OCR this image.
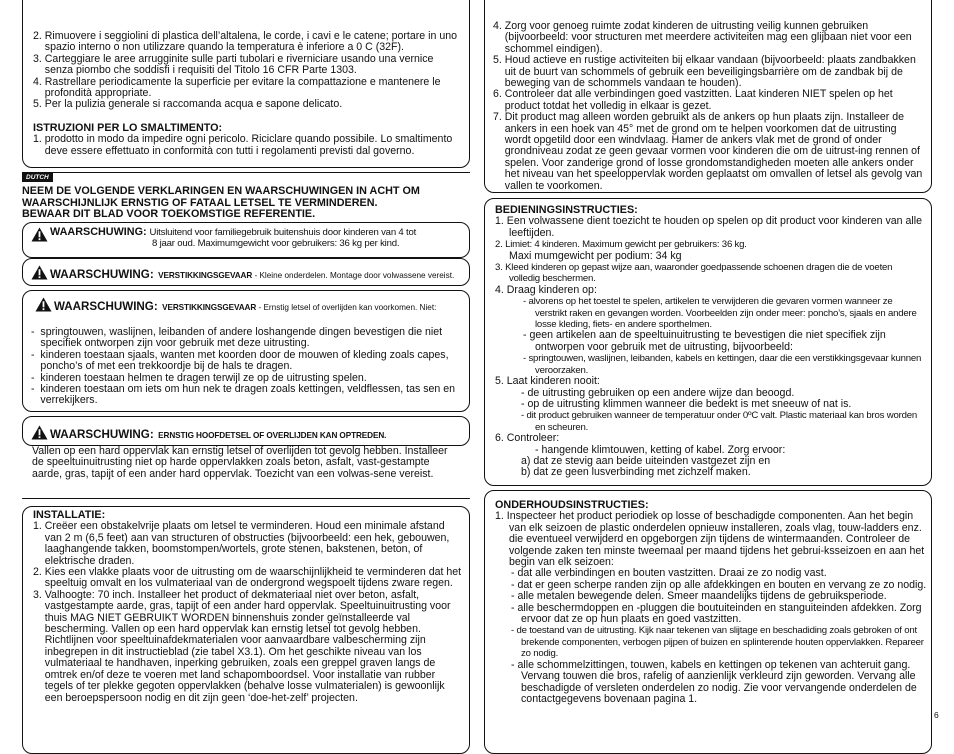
2. Rimuovere i seggiolini di plastica dell’altalena, le corde, i cavi e le catene; portare in uno spazio interno o non utilizzare quando la temperatura è inferiore a 0 C (32F).
3. Carteggiare le aree arrugginite sulle parti tubolari e riverniciare usando una vernice senza piombo che soddisfi i requisiti del Titolo 16 CFR Parte 1303.
4. Rastrellare periodicamente la superficie per evitare la compattazione e mantenere le profondità appropriate.
5. Per la pulizia generale si raccomanda acqua e sapone delicato.

ISTRUZIONI PER LO SMALTIMENTO:

1. prodotto in modo da impedire ogni pericolo. Riciclare quando possibile. Lo smaltimento deve essere effettuato in conformità con tutti i regolamenti previsti dal governo.
DUTCH

NEEM DE VOLGENDE VERKLARINGEN EN WAARSCHUWINGEN IN ACHT OM

WAARSCHIJNLIJK ERNSTIG OF FATAAL LETSEL TE VERMINDEREN.

BEWAAR DIT BLAD VOOR TOEKOMSTIGE REFERENTIE.

WAARSCHUWING: Uitsluitend voor familiegebruik buitenshuis door kinderen van 4 tot
8 jaar oud. Maximumgewicht voor gebruikers: 36 kg per kind.
WAARSCHUWING: VERSTIKKINGSGEVAAR - Kleine onderdelen. Montage door volwassene vereist.
WAARSCHUWING: VERSTIKKINGSGEVAAR - Ernstig letsel of overlijden kan voorkomen. Niet:
- springtouwen, waslijnen, leibanden of andere loshangende dingen bevestigen die niet specifiek ontworpen zijn voor gebruik met deze uitrusting.
- kinderen toestaan sjaals, wanten met koorden door de mouwen of kleding zoals capes, poncho’s of met een trekkoordje bij de hals te dragen.
- kinderen toestaan helmen te dragen terwijl ze op de uitrusting spelen.
- kinderen toestaan om iets om hun nek te dragen zoals kettingen, veldflessen, tas sen en verrekijkers.
WAARSCHUWING: ERNSTIG HOOFDETSEL OF OVERLIJDEN KAN OPTREDEN.
Vallen op een hard oppervlak kan ernstig letsel of overlijden tot gevolg hebben. Installeer de speeltuinuitrusting niet op harde oppervlakken zoals beton, asfalt, vast-gestampte aarde, gras, tapijt of een ander hard oppervlak. Toezicht van een volwas-sene vereist.

INSTALLATIE:

1. Creëer een obstakelvrije plaats om letsel te verminderen. Houd een minimale afstand van 2 m (6,5 feet) aan van structuren of obstructies (bijvoorbeeld: een hek, gebouwen, laaghangende takken, boomstompen/wortels, grote stenen, bakstenen, beton, of elektrische draden.
2. Kies een vlakke plaats voor de uitrusting om de waarschijnlijkheid te verminderen dat het speeltuig omvalt en los vulmateriaal van de ondergrond wegspoelt tijdens zware regen.
3. Valhoogte: 70 inch. Installeer het product of dekmateriaal niet over beton, asfalt, vastgestampte aarde, gras, tapijt of een ander hard oppervlak. Speeltuinuitrusting voor thuis MAG NIET GEBRUIKT WORDEN binnenshuis zonder geïnstalleerde val bescherming. Vallen op een hard oppervlak kan ernstig letsel tot gevolg hebben. Richtlijnen voor speeltuinafdekmaterialen voor aanvaardbare valbescherming zijn inbegrepen in dit instructieblad (zie tabel X3.1). Om het geschikte niveau van los vulmateriaal te handhaven, inperking gebruiken, zoals een greppel graven langs de omtrek en/of deze te voeren met land schapomboordsel. Voor installatie van rubber tegels of ter plekke gegoten oppervlakken (behalve losse vulmaterialen) is gewoonlijk een beroepspersoon nodig en dit zijn geen ‘doe-het-zelf’ projecten.
4. Zorg voor genoeg ruimte zodat kinderen de uitrusting veilig kunnen gebruiken (bijvoorbeeld: voor structuren met meerdere activiteiten mag een glijbaan niet voor een schommel eindigen).
5. Houd actieve en rustige activiteiten bij elkaar vandaan (bijvoorbeeld: plaats zandbakken uit de buurt van schommels of gebruik een beveiligingsbarrière om de zandbak bij de beweging van de schommels vandaan te houden).
6. Controleer dat alle verbindingen goed vastzitten. Laat kinderen NIET spelen op het product totdat het volledig in elkaar is gezet.
7. Dit product mag alleen worden gebruikt als de ankers op hun plaats zijn. Installeer de ankers in een hoek van 45° met de grond om te helpen voorkomen dat de uitrusting wordt opgetild door een windvlaag. Hamer de ankers vlak met de grond of onder grondniveau zodat ze geen gevaar vormen voor kinderen die om de uitrust-ing rennen of spelen. Voor zanderige grond of losse grondomstandigheden moeten alle ankers onder het niveau van het speeloppervlak worden geplaatst om omvallen of letsel als gevolg van vallen te voorkomen.

BEDIENINGSINSTRUCTIES:

1. Een volwassene dient toezicht te houden op spelen op dit product voor kinderen van alle leeftijden.

2. Limiet: 4 kinderen. Maximum gewicht per gebruikers: 36 kg.

Maxi mumgewicht per podium: 34 kg

3. Kleed kinderen op gepast wijze aan, waaronder goedpassende schoenen dragen die de voeten volledig beschermen.

4. Draag kinderen op:

- alvorens op het toestel te spelen, artikelen te verwijderen die gevaren vormen wanneer ze verstrikt raken en gevangen worden. Voorbeelden zijn onder meer: poncho’s, sjaals en andere losse kleding, fiets- en andere sporthelmen.

- geen artikelen aan de speeltuinuitrusting te bevestigen die niet specifiek zijn ontworpen voor gebruik met de uitrusting, bijvoorbeeld:

- springtouwen, waslijnen, leibanden, kabels en kettingen, daar die een verstikkingsgevaar kunnen veroorzaken.

5. Laat kinderen nooit:

- de uitrusting gebruiken op een andere wijze dan beoogd.

- op de uitrusting klimmen wanneer die bedekt is met sneeuw of nat is.

- dit product gebruiken wanneer de temperatuur onder 0ºC valt. Plastic materiaal kan bros worden en scheuren.

6. Controleer:

- hangende klimtouwen, ketting of kabel. Zorg ervoor:

a) dat ze stevig aan beide uiteinden vastgezet zijn en

b) dat ze geen lusverbinding met zichzelf maken.

ONDERHOUDSINSTRUCTIES:

1. Inspecteer het product periodiek op losse of beschadigde componenten. Aan het begin van elk seizoen de plastic onderdelen opnieuw installeren, zoals vlag, touw-ladders enz. die eventueel verwijderd en opgeborgen zijn tijdens de wintermaanden. Controleer de volgende zaken ten minste tweemaal per maand tijdens het gebrui-ksseizoen en aan het begin van elk seizoen:

- dat alle verbindingen en bouten vastzitten. Draai ze zo nodig vast.

- dat er geen scherpe randen zijn op alle afdekkingen en bouten en vervang ze zo nodig.

- alle metalen bewegende delen. Smeer maandelijks tijdens de gebruiksperiode.

- alle beschermdoppen en -pluggen die boutuiteinden en stanguiteinden afdekken. Zorg ervoor dat ze op hun plaats en goed vastzitten.

- de toestand van de uitrusting. Kijk naar tekenen van slijtage en beschadiding zoals gebroken of ont brekende componenten, verbogen pijpen of buizen en splinterende houten oppervlakken. Repareer zo nodig.

- alle schommelzittingen, touwen, kabels en kettingen op tekenen van achteruit gang. Vervang touwen die bros, rafelig of aanzienlijk verkleurd zijn geworden. Vervang alle beschadigde of versleten onderdelen zo nodig. Zie voor vervangende onderdelen de contactgegevens bovenaan pagina 1.

6
